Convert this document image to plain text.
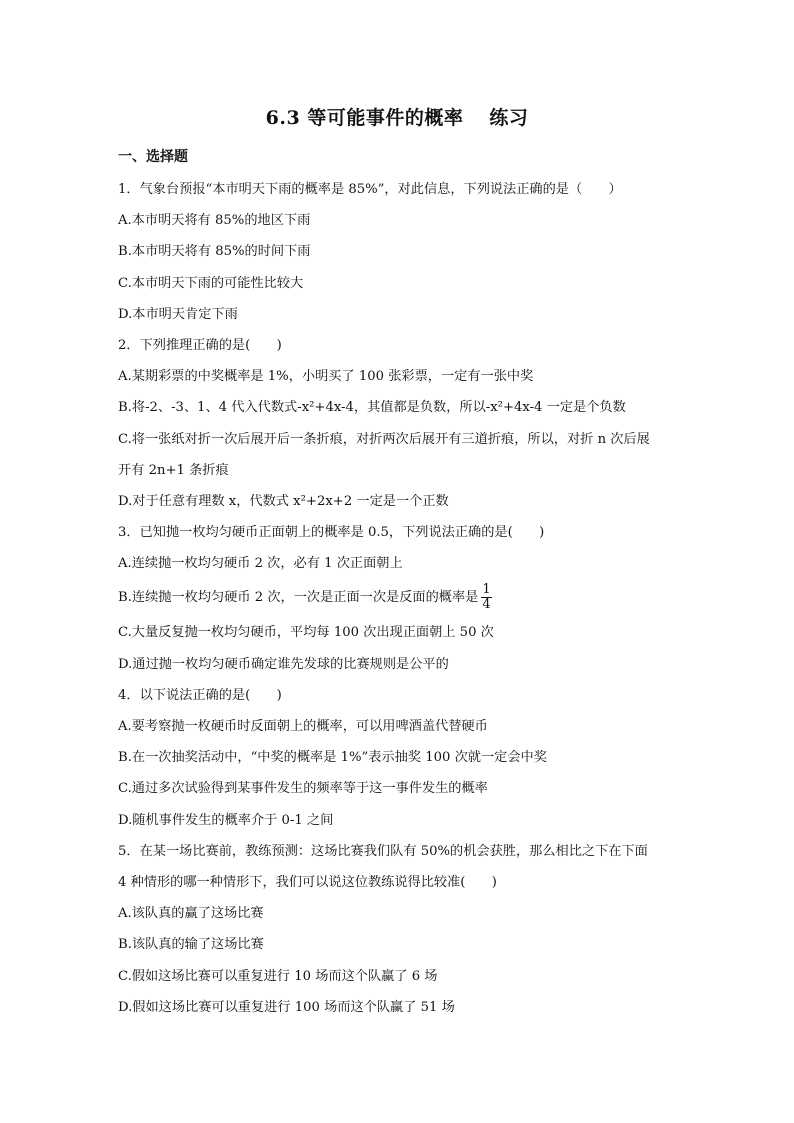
6.3 等可能事件的概率 练习
一、选择题
1．气象台预报“本市明天下雨的概率是 85%”，对此信息，下列说法正确的是（　　）
A.本市明天将有 85%的地区下雨
B.本市明天将有 85%的时间下雨
C.本市明天下雨的可能性比较大
D.本市明天肯定下雨
2．下列推理正确的是(　　)
A.某期彩票的中奖概率是 1%，小明买了 100 张彩票，一定有一张中奖
B.将-2、-3、1、4 代入代数式-x²+4x-4，其值都是负数，所以-x²+4x-4 一定是个负数
C.将一张纸对折一次后展开后一条折痕，对折两次后展开有三道折痕，所以，对折 n 次后展
开有 2n+1 条折痕
D.对于任意有理数 x，代数式 x²+2x+2 一定是一个正数
3．已知抛一枚均匀硬币正面朝上的概率是 0.5，下列说法正确的是(　　)
A.连续抛一枚均匀硬币 2 次，必有 1 次正面朝上
B.连续抛一枚均匀硬币 2 次，一次是正面一次是反面的概率是 $\frac{1}{4}$
C.大量反复抛一枚均匀硬币，平均每 100 次出现正面朝上 50 次
D.通过抛一枚均匀硬币确定谁先发球的比赛规则是公平的
4．以下说法正确的是(　　)
A.要考察抛一枚硬币时反面朝上的概率，可以用啤酒盖代替硬币
B.在一次抽奖活动中，“中奖的概率是 1%”表示抽奖 100 次就一定会中奖
C.通过多次试验得到某事件发生的频率等于这一事件发生的概率
D.随机事件发生的概率介于 0-1 之间
5．在某一场比赛前，教练预测：这场比赛我们队有 50%的机会获胜，那么相比之下在下面
4 种情形的哪一种情形下，我们可以说这位教练说得比较准(　　)
A.该队真的赢了这场比赛
B.该队真的输了这场比赛
C.假如这场比赛可以重复进行 10 场而这个队赢了 6 场
D.假如这场比赛可以重复进行 100 场而这个队赢了 51 场
